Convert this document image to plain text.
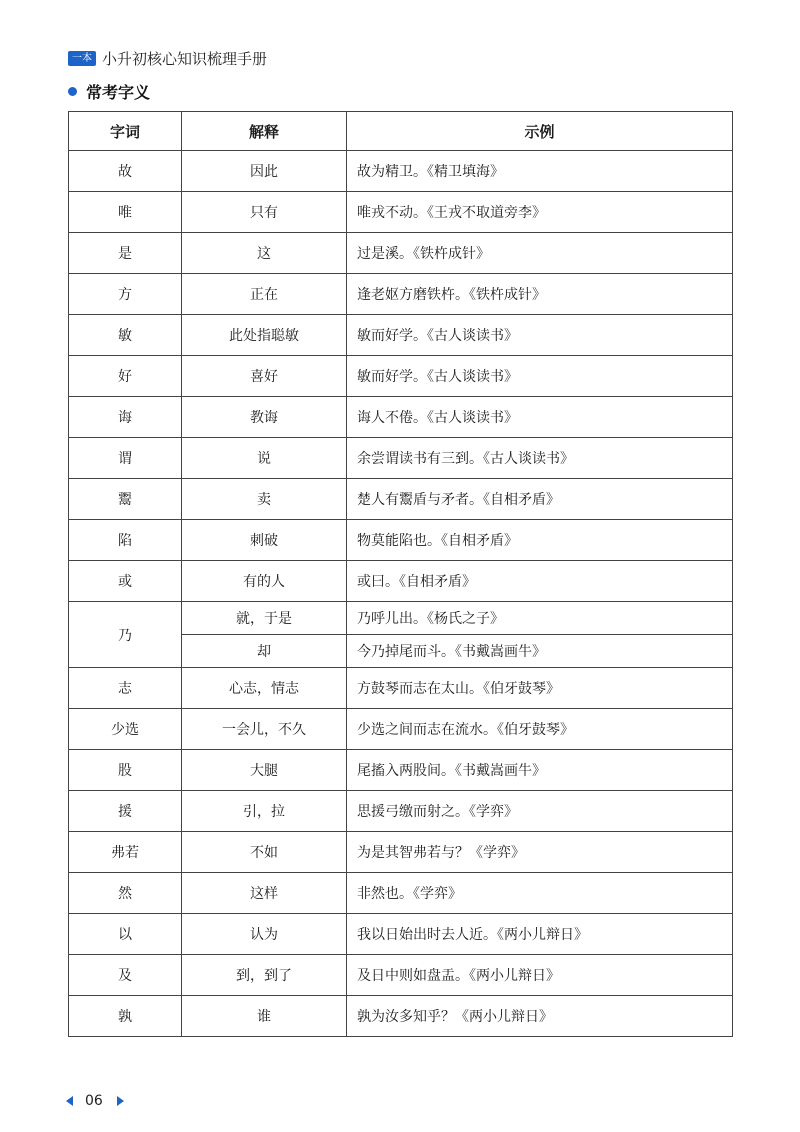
一本 小升初核心知识梳理手册
常考字义
字词	解释	示例
故	因此	故为精卫。《精卫填海》
唯	只有	唯戎不动。《王戎不取道旁李》
是	这	过是溪。《铁杵成针》
方	正在	逢老妪方磨铁杵。《铁杵成针》
敏	此处指聪敏	敏而好学。《古人谈读书》
好	喜好	敏而好学。《古人谈读书》
诲	教诲	诲人不倦。《古人谈读书》
谓	说	余尝谓读书有三到。《古人谈读书》
鬻	卖	楚人有鬻盾与矛者。《自相矛盾》
陷	刺破	物莫能陷也。《自相矛盾》
或	有的人	或曰。《自相矛盾》
乃	就，于是	乃呼儿出。《杨氏之子》
	却	今乃掉尾而斗。《书戴嵩画牛》
志	心志，情志	方鼓琴而志在太山。《伯牙鼓琴》
少选	一会儿，不久	少选之间而志在流水。《伯牙鼓琴》
股	大腿	尾搐入两股间。《书戴嵩画牛》
援	引，拉	思援弓缴而射之。《学弈》
弗若	不如	为是其智弗若与？《学弈》
然	这样	非然也。《学弈》
以	认为	我以日始出时去人近。《两小儿辩日》
及	到，到了	及日中则如盘盂。《两小儿辩日》
孰	谁	孰为汝多知乎？《两小儿辩日》
06
